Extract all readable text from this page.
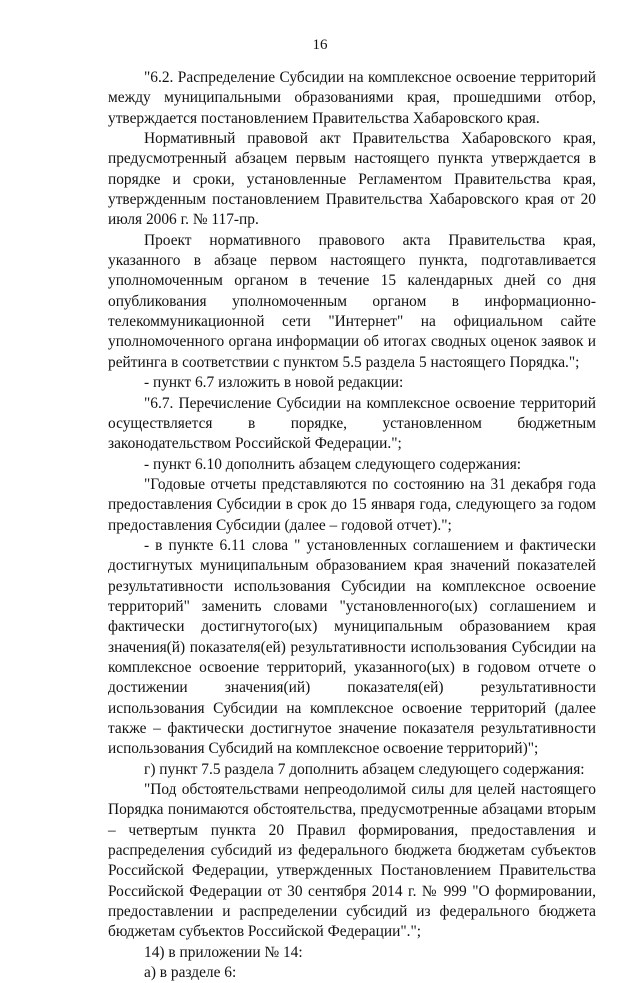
16

"6.2. Распределение Субсидии на комплексное освоение территорий между муниципальными образованиями края, прошедшими отбор, утверждается постановлением Правительства Хабаровского края.

Нормативный правовой акт Правительства Хабаровского края, предусмотренный абзацем первым настоящего пункта утверждается в порядке и сроки, установленные Регламентом Правительства края, утвержденным постановлением Правительства Хабаровского края от 20 июля 2006 г. № 117-пр.

Проект нормативного правового акта Правительства края, указанного в абзаце первом настоящего пункта, подготавливается уполномоченным органом в течение 15 календарных дней со дня опубликования уполномоченным органом в информационно-телекоммуникационной сети "Интернет" на официальном сайте уполномоченного органа информации об итогах сводных оценок заявок и рейтинга в соответствии с пунктом 5.5 раздела 5 настоящего Порядка.";

- пункт 6.7 изложить в новой редакции:

"6.7. Перечисление Субсидии на комплексное освоение территорий осуществляется в порядке, установленном бюджетным законодательством Российской Федерации.";

- пункт 6.10 дополнить абзацем следующего содержания:

"Годовые отчеты представляются по состоянию на 31 декабря года предоставления Субсидии в срок до 15 января года, следующего за годом предоставления Субсидии (далее – годовой отчет).";

- в пункте 6.11 слова " установленных соглашением и фактически достигнутых муниципальным образованием края значений показателей результативности использования Субсидии на комплексное освоение территорий" заменить словами "установленного(ых) соглашением и фактически достигнутого(ых) муниципальным образованием края значения(й) показателя(ей) результативности использования Субсидии на комплексное освоение территорий, указанного(ых) в годовом отчете о достижении значения(ий) показателя(ей) результативности использования Субсидии на комплексное освоение территорий (далее также – фактически достигнутое значение показателя результативности использования Субсидий на комплексное освоение территорий)";

г) пункт 7.5 раздела 7 дополнить абзацем следующего содержания:

"Под обстоятельствами непреодолимой силы для целей настоящего Порядка понимаются обстоятельства, предусмотренные абзацами вторым – четвертым пункта 20 Правил формирования, предоставления и распределения субсидий из федерального бюджета бюджетам субъектов Российской Федерации, утвержденных Постановлением Правительства Российской Федерации от 30 сентября 2014 г. № 999 "О формировании, предоставлении и распределении субсидий из федерального бюджета бюджетам субъектов Российской Федерации".";

14) в приложении № 14:

а) в разделе 6:
